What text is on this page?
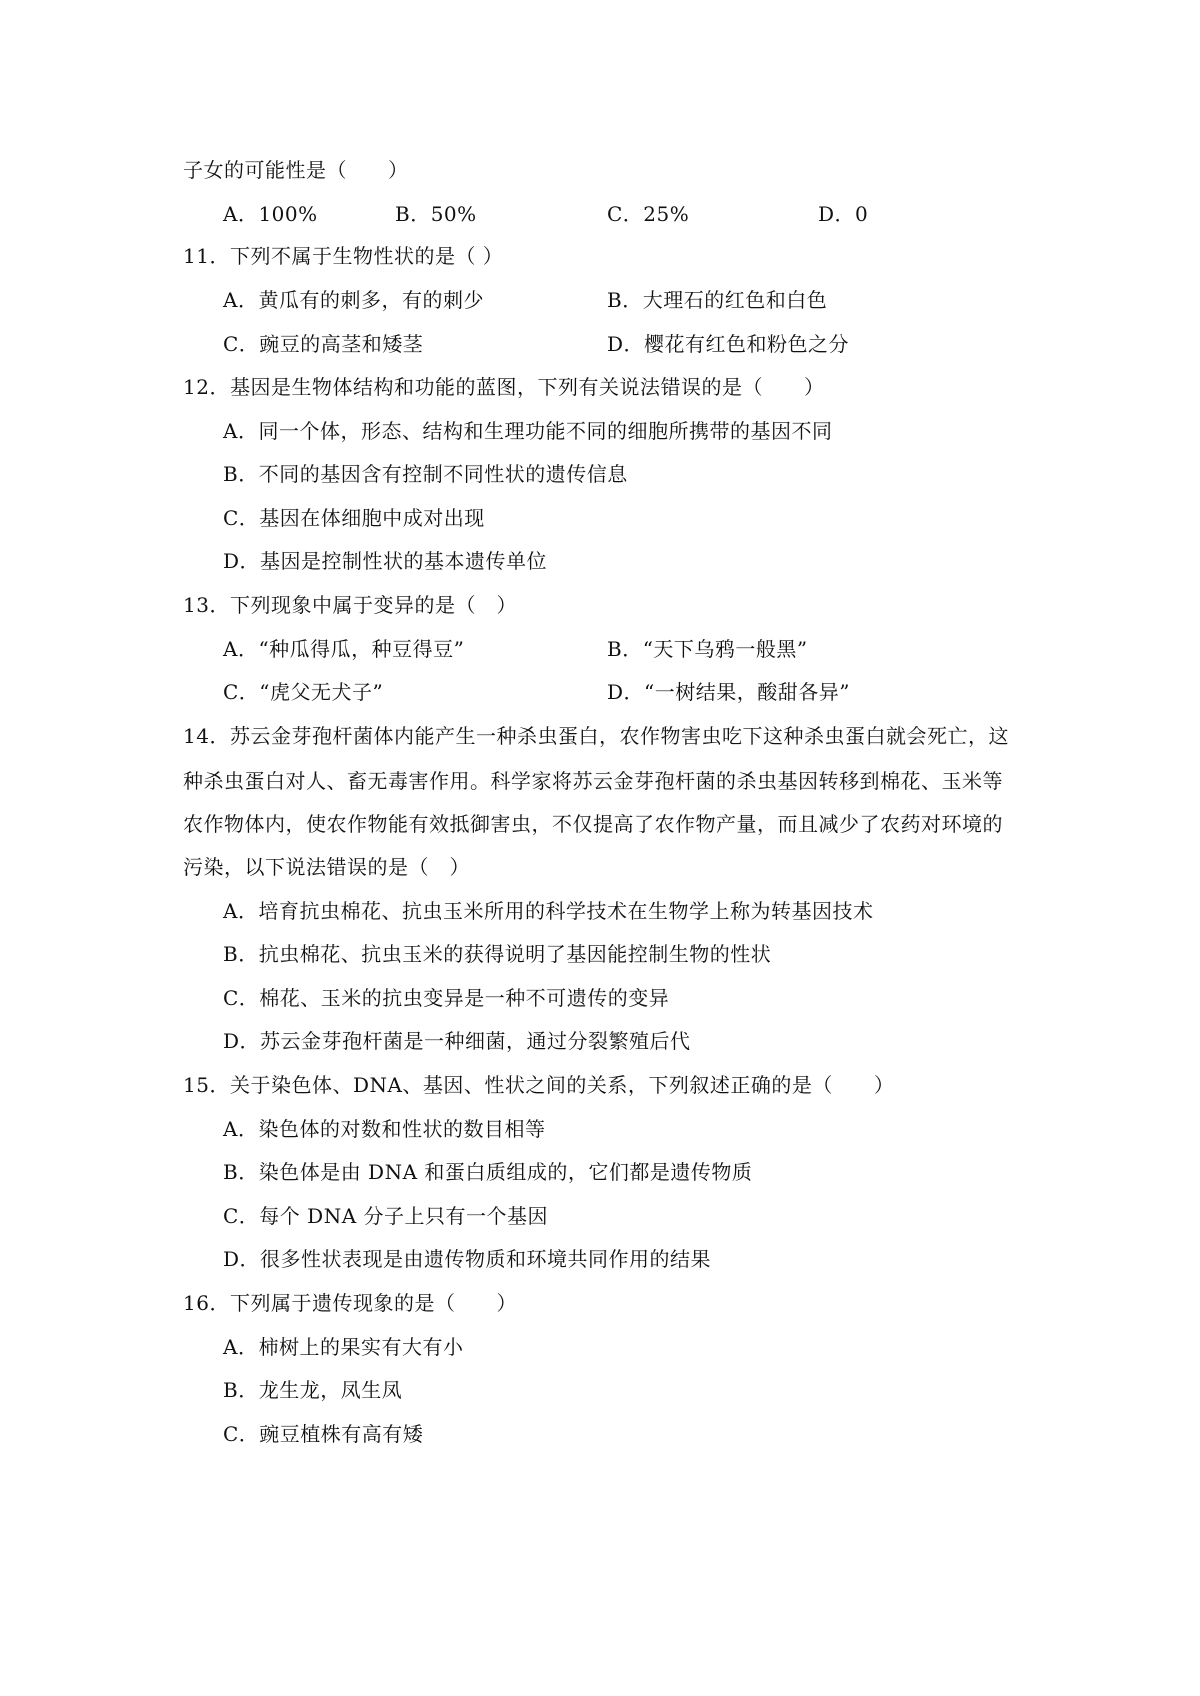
子女的可能性是（　　）
A．100%	B．50%	C．25%	D．0
11．下列不属于生物性状的是（ ）
A．黄瓜有的刺多，有的刺少	B．大理石的红色和白色
C．豌豆的高茎和矮茎	D．樱花有红色和粉色之分
12．基因是生物体结构和功能的蓝图，下列有关说法错误的是（　　）
A．同一个体，形态、结构和生理功能不同的细胞所携带的基因不同
B．不同的基因含有控制不同性状的遗传信息
C．基因在体细胞中成对出现
D．基因是控制性状的基本遗传单位
13．下列现象中属于变异的是（　）
A．“种瓜得瓜，种豆得豆”	B．“天下乌鸦一般黑”
C．“虎父无犬子”	D．“一树结果，酸甜各异”
14．苏云金芽孢杆菌体内能产生一种杀虫蛋白，农作物害虫吃下这种杀虫蛋白就会死亡，这
种杀虫蛋白对人、畜无毒害作用。科学家将苏云金芽孢杆菌的杀虫基因转移到棉花、玉米等
农作物体内，使农作物能有效抵御害虫，不仅提高了农作物产量，而且减少了农药对环境的
污染，以下说法错误的是（　）
A．培育抗虫棉花、抗虫玉米所用的科学技术在生物学上称为转基因技术
B．抗虫棉花、抗虫玉米的获得说明了基因能控制生物的性状
C．棉花、玉米的抗虫变异是一种不可遗传的变异
D．苏云金芽孢杆菌是一种细菌，通过分裂繁殖后代
15．关于染色体、DNA、基因、性状之间的关系，下列叙述正确的是（　　）
A．染色体的对数和性状的数目相等
B．染色体是由 DNA 和蛋白质组成的，它们都是遗传物质
C．每个 DNA 分子上只有一个基因
D．很多性状表现是由遗传物质和环境共同作用的结果
16．下列属于遗传现象的是（　　）
A．柿树上的果实有大有小
B．龙生龙，凤生凤
C．豌豆植株有高有矮
